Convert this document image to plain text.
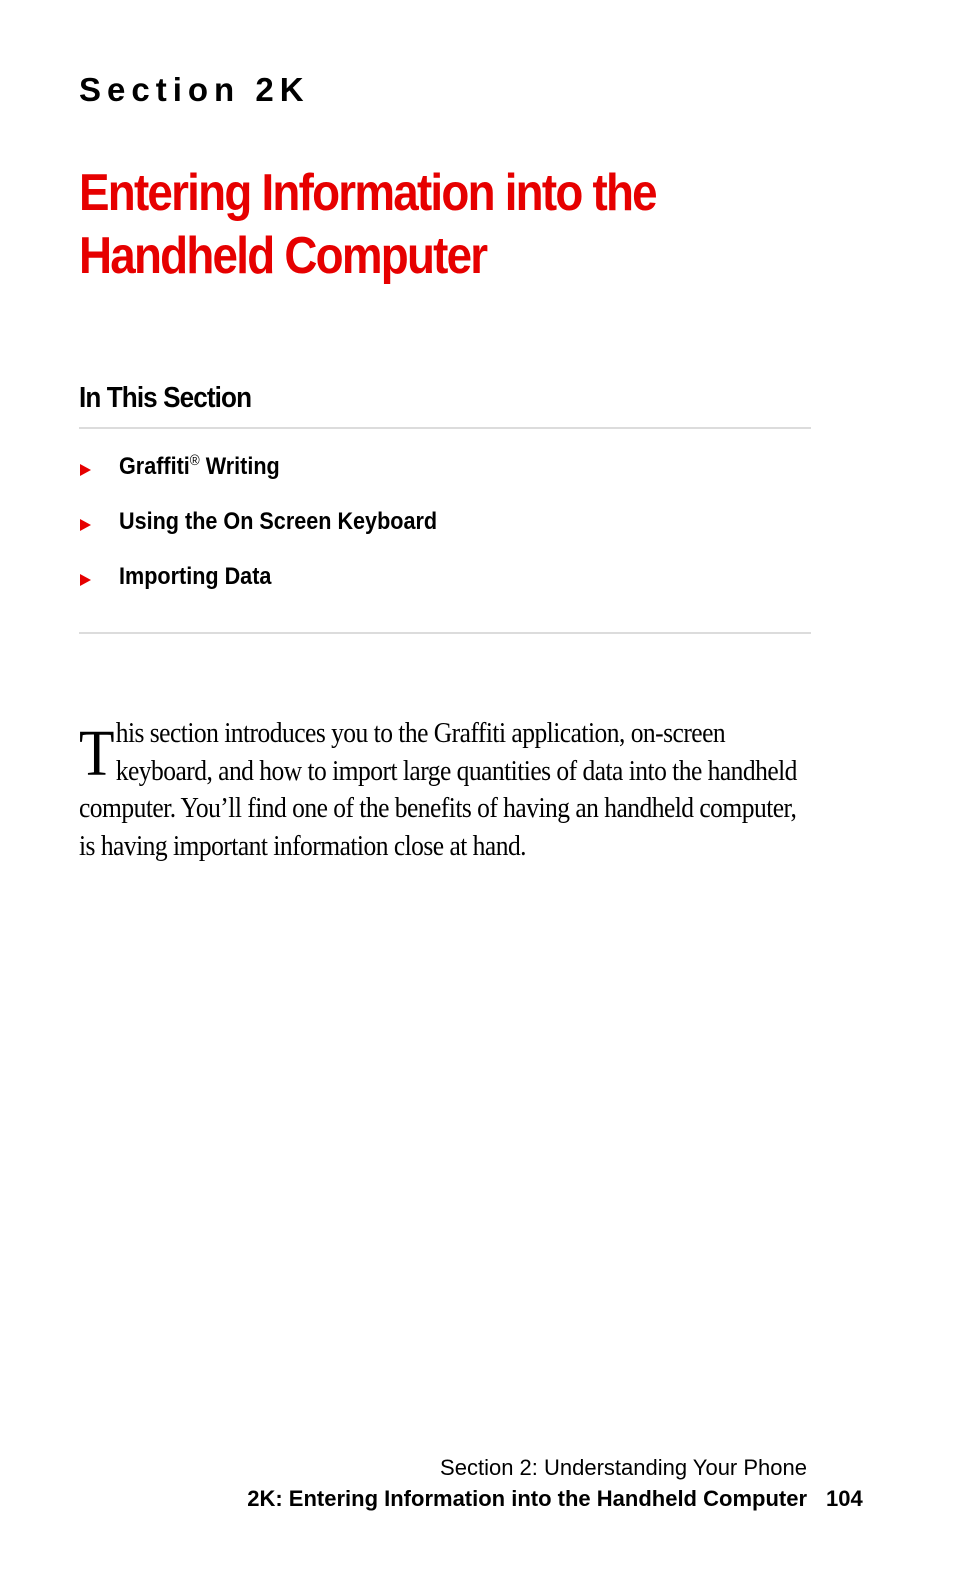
Section 2K
Entering Information into the
Handheld Computer
In This Section
Graffiti® Writing
Using the On Screen Keyboard
Importing Data

T his section introduces you to the Graffiti application, on-screen
keyboard, and how to import large quantities of data into the handheld
computer. You’ll find one of the benefits of having an handheld computer,
is having important information close at hand.

Section 2: Understanding Your Phone
2K: Entering Information into the Handheld Computer 104
